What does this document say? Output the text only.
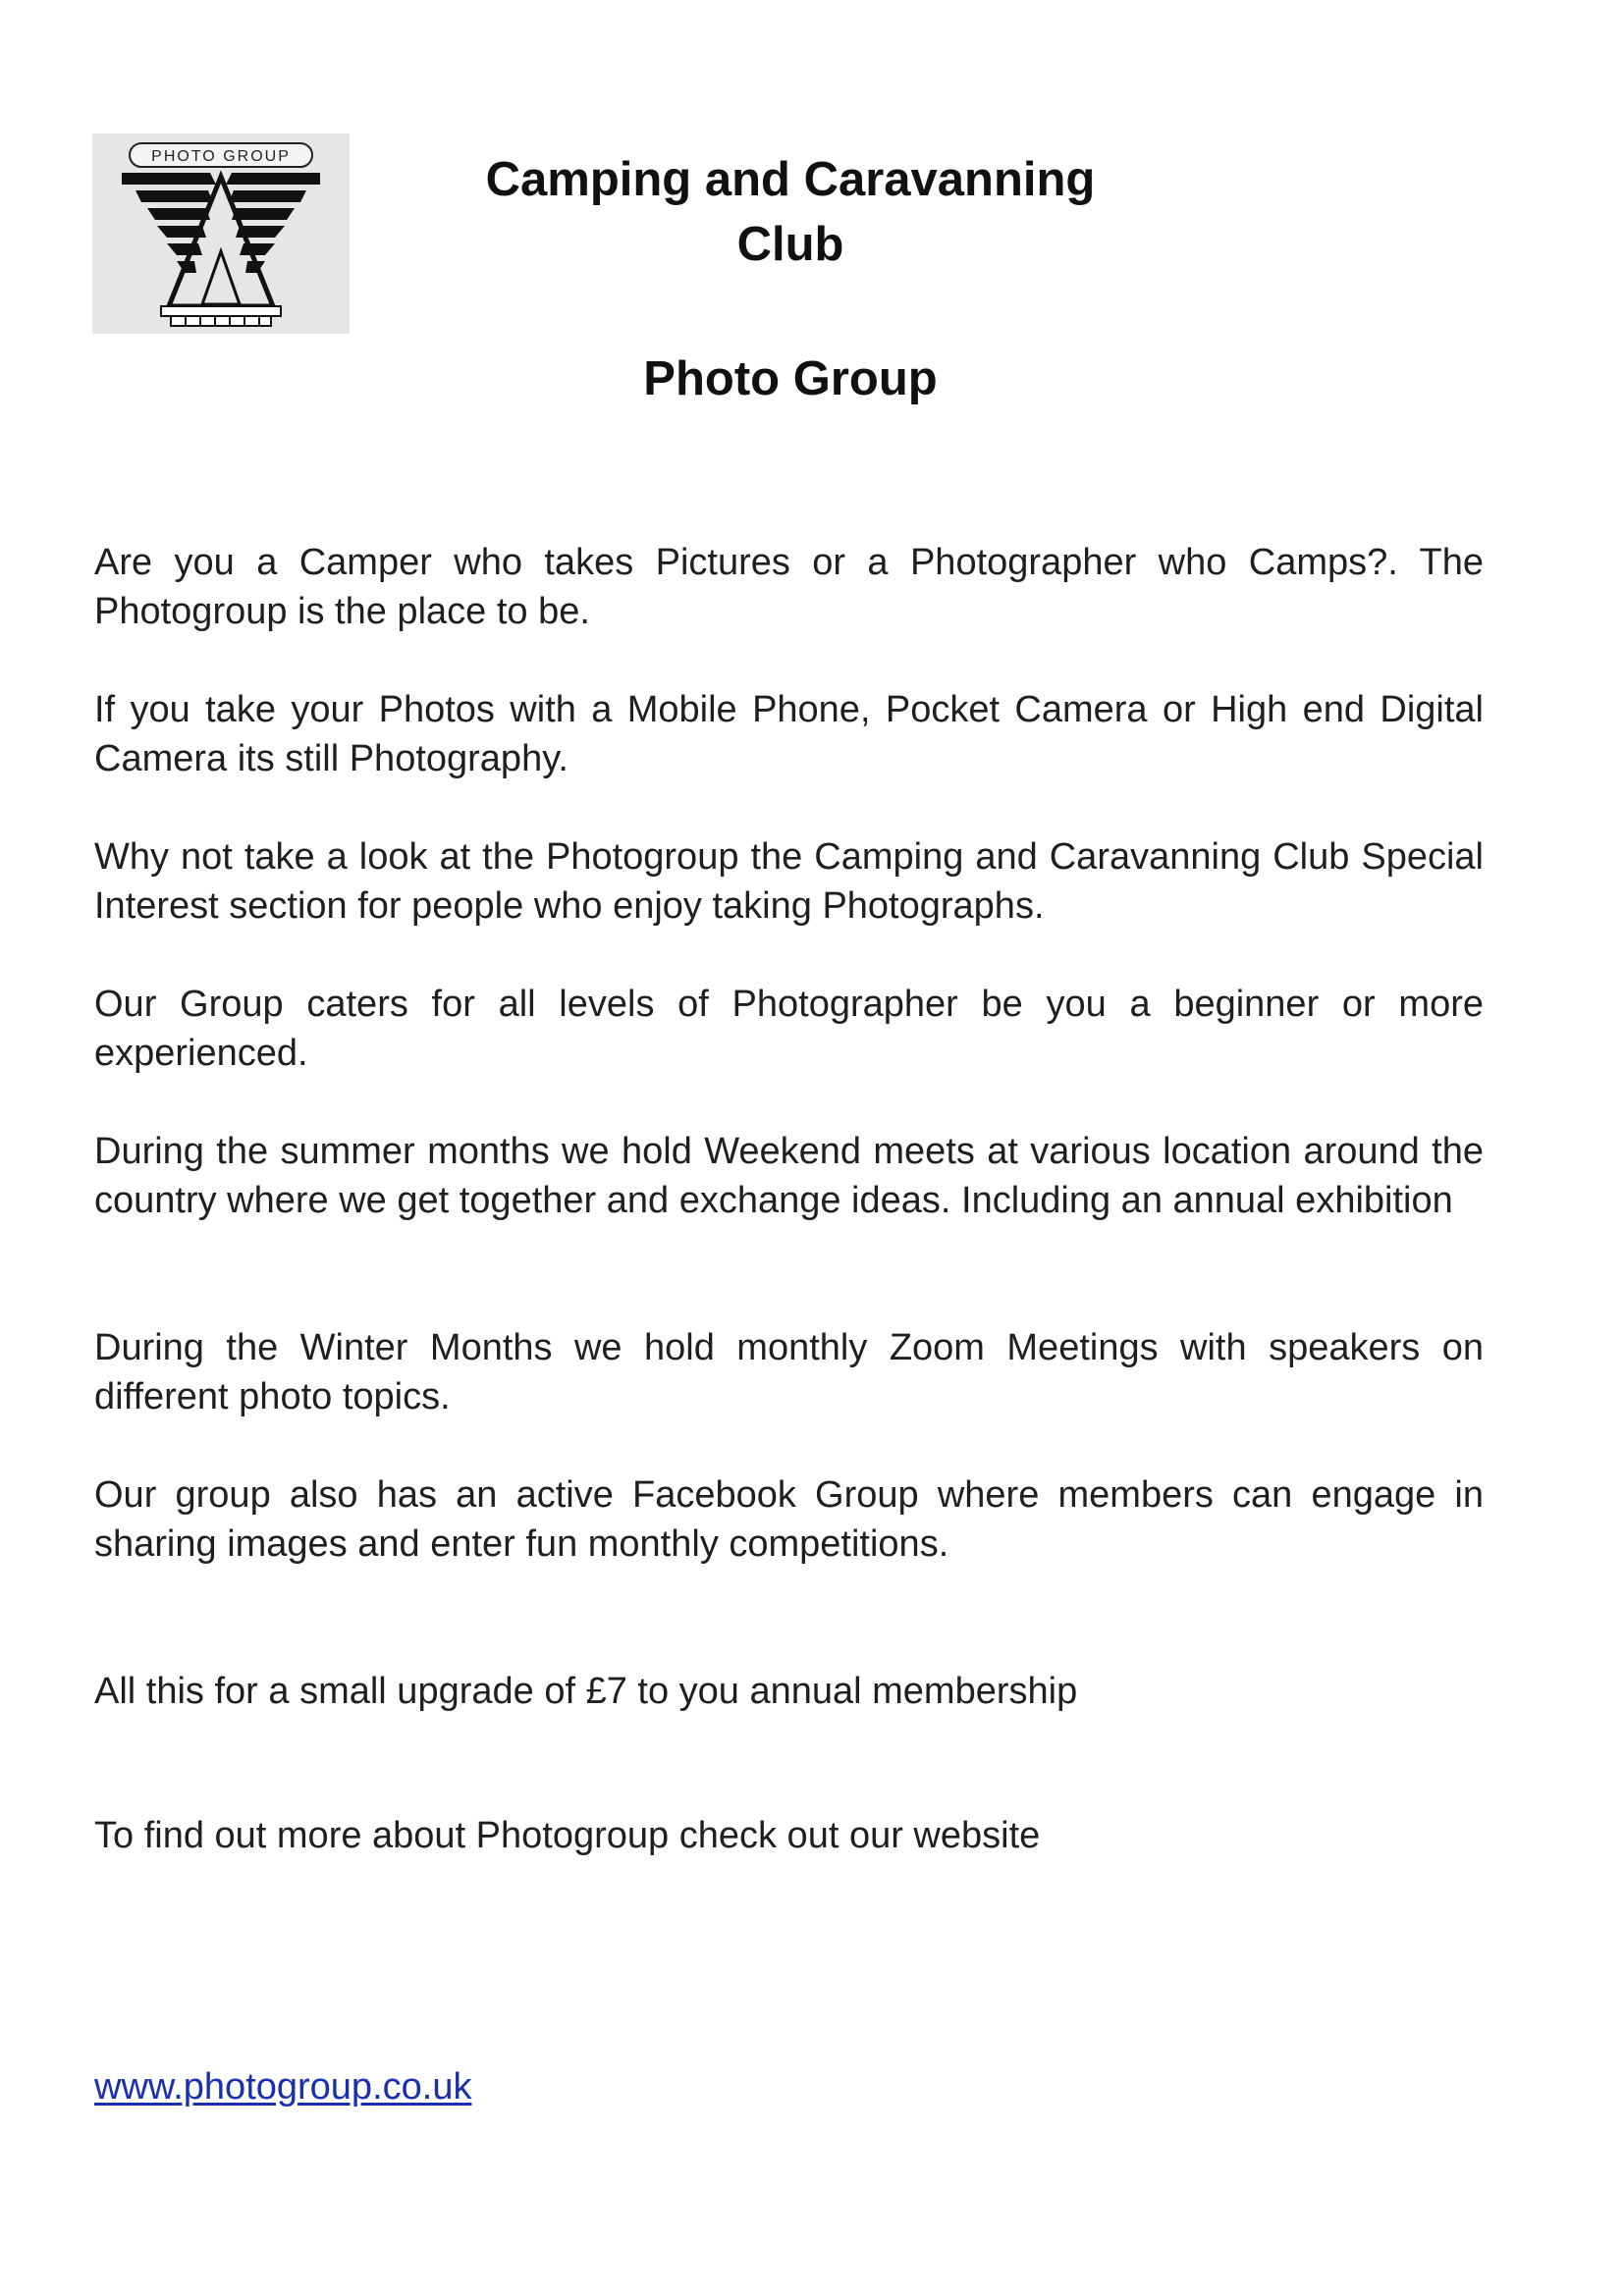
PHOTO GROUP	Camping and Caravanning
Club
Photo Group

Are you a Camper who takes Pictures or a Photographer who Camps?. The Photogroup is the place to be.

If you take your Photos with a Mobile Phone, Pocket Camera or High end Digital Camera its still Photography.

Why not take a look at the Photogroup the Camping and Caravanning Club Special Interest section for people who enjoy taking Photographs.

Our Group caters for all levels of Photographer be you a beginner or more experienced.

During the summer months we hold Weekend meets at various location around the country where we get together and exchange ideas. Including an annual exhibition

During the Winter Months we hold monthly Zoom Meetings with speakers on different photo topics.

Our group also has an active Facebook Group where members can engage in sharing images and enter fun monthly competitions.

All this for a small upgrade of £7 to you annual membership

To find out more about Photogroup check out our website

www.photogroup.co.uk
